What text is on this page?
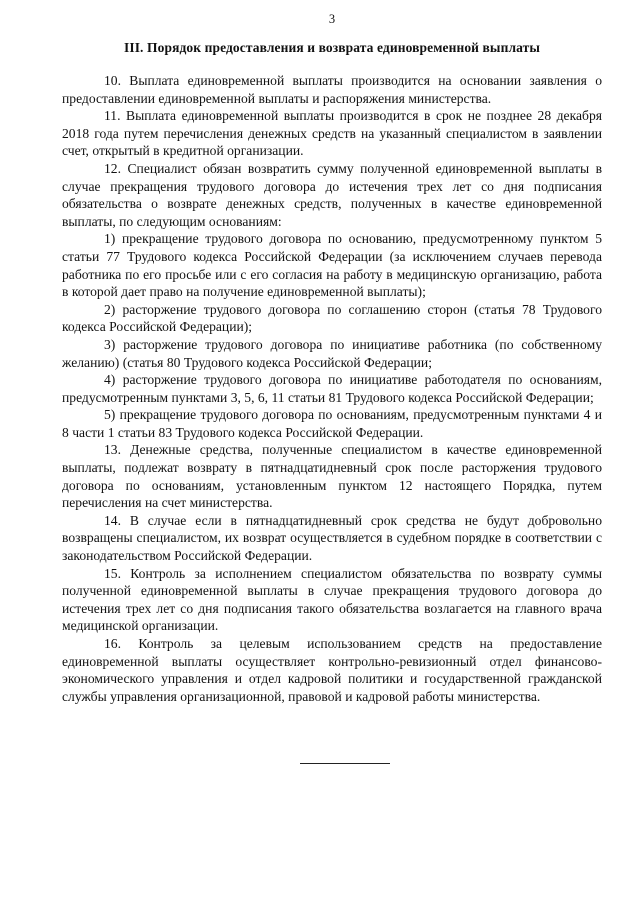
3
III. Порядок предоставления и возврата единовременной выплаты

10. Выплата единовременной выплаты производится на основании заявления о предоставлении единовременной выплаты и распоряжения министерства.

11. Выплата единовременной выплаты производится в срок не позднее 28 декабря 2018 года путем перечисления денежных средств на указанный специалистом в заявлении счет, открытый в кредитной организации.

12. Специалист обязан возвратить сумму полученной единовременной выплаты в случае прекращения трудового договора до истечения трех лет со дня подписания обязательства о возврате денежных средств, полученных в качестве единовременной выплаты, по следующим основаниям:

1) прекращение трудового договора по основанию, предусмотренному пунктом 5 статьи 77 Трудового кодекса Российской Федерации (за исключением случаев перевода работника по его просьбе или с его согласия на работу в медицинскую организацию, работа в которой дает право на получение единовременной выплаты);

2) расторжение трудового договора по соглашению сторон (статья 78 Трудового кодекса Российской Федерации);

3) расторжение трудового договора по инициативе работника (по собственному желанию) (статья 80 Трудового кодекса Российской Федерации;

4) расторжение трудового договора по инициативе работодателя по основаниям, предусмотренным пунктами 3, 5, 6, 11 статьи 81 Трудового кодекса Российской Федерации;

5) прекращение трудового договора по основаниям, предусмотренным пунктами 4 и 8 части 1 статьи 83 Трудового кодекса Российской Федерации.

13. Денежные средства, полученные специалистом в качестве единовременной выплаты, подлежат возврату в пятнадцатидневный срок после расторжения трудового договора по основаниям, установленным пунктом 12 настоящего Порядка, путем перечисления на счет министерства.

14. В случае если в пятнадцатидневный срок средства не будут добровольно возвращены специалистом, их возврат осуществляется в судебном порядке в соответствии с законодательством Российской Федерации.

15. Контроль за исполнением специалистом обязательства по возврату суммы полученной единовременной выплаты в случае прекращения трудового договора до истечения трех лет со дня подписания такого обязательства возлагается на главного врача медицинской организации.

16. Контроль за целевым использованием средств на предоставление единовременной выплаты осуществляет контрольно-ревизионный отдел финансово-экономического управления и отдел кадровой политики и государственной гражданской службы управления организационной, правовой и кадровой работы министерства.
